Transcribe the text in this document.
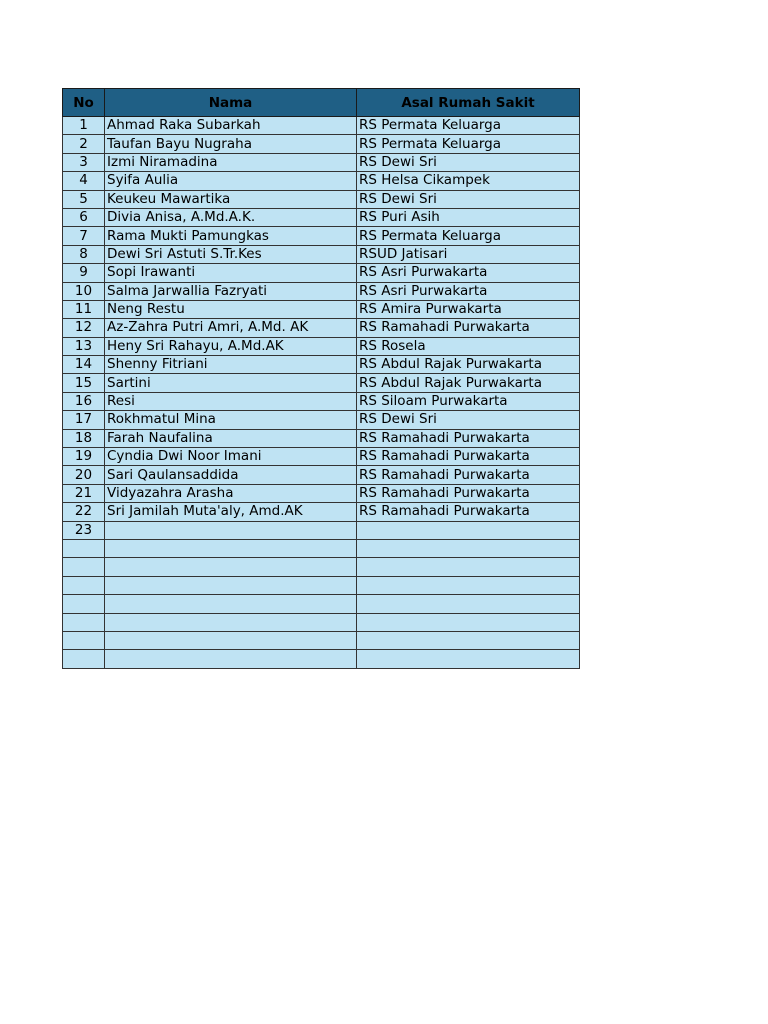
No	Nama	Asal Rumah Sakit
1	Ahmad Raka Subarkah	RS Permata Keluarga
2	Taufan Bayu Nugraha	RS Permata Keluarga
3	Izmi Niramadina	RS Dewi Sri
4	Syifa Aulia	RS Helsa Cikampek
5	Keukeu Mawartika	RS Dewi Sri
6	Divia Anisa, A.Md.A.K.	RS Puri Asih
7	Rama Mukti Pamungkas	RS Permata Keluarga
8	Dewi Sri Astuti S.Tr.Kes	RSUD Jatisari
9	Sopi Irawanti	RS Asri Purwakarta
10	Salma Jarwallia Fazryati	RS Asri Purwakarta
11	Neng Restu	RS Amira Purwakarta
12	Az-Zahra Putri Amri, A.Md. AK	RS Ramahadi Purwakarta
13	Heny Sri Rahayu, A.Md.AK	RS Rosela
14	Shenny Fitriani	RS Abdul Rajak Purwakarta
15	Sartini	RS Abdul Rajak Purwakarta
16	Resi	RS Siloam Purwakarta
17	Rokhmatul Mina	RS Dewi Sri
18	Farah Naufalina	RS Ramahadi Purwakarta
19	Cyndia Dwi Noor Imani	RS Ramahadi Purwakarta
20	Sari Qaulansaddida	RS Ramahadi Purwakarta
21	Vidyazahra Arasha	RS Ramahadi Purwakarta
22	Sri Jamilah Muta'aly, Amd.AK	RS Ramahadi Purwakarta
23		
